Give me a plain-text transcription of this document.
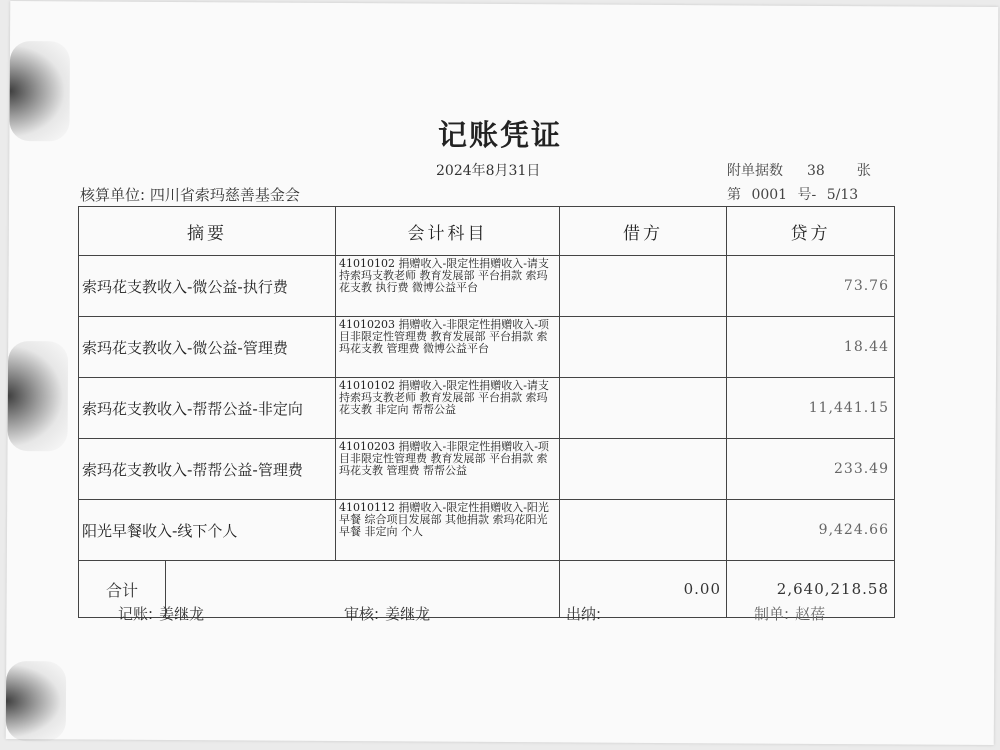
记账凭证
2024年8月31日	附单据数 38 张
核算单位: 四川省索玛慈善基金会	第 0001 号- 5/13
摘要	会计科目	借方	贷方
索玛花支教收入-微公益-执行费	41010102 捐赠收入-限定性捐赠收入-请支持索玛支教老师 教育发展部 平台捐款 索玛花支教 执行费 微博公益平台		73.76
索玛花支教收入-微公益-管理费	41010203 捐赠收入-非限定性捐赠收入-项目非限定性管理费 教育发展部 平台捐款 索玛花支教 管理费 微博公益平台		18.44
索玛花支教收入-帮帮公益-非定向	41010102 捐赠收入-限定性捐赠收入-请支持索玛支教老师 教育发展部 平台捐款 索玛花支教 非定向 帮帮公益		11,441.15
索玛花支教收入-帮帮公益-管理费	41010203 捐赠收入-非限定性捐赠收入-项目非限定性管理费 教育发展部 平台捐款 索玛花支教 管理费 帮帮公益		233.49
阳光早餐收入-线下个人	41010112 捐赠收入-限定性捐赠收入-阳光早餐 综合项目发展部 其他捐款 索玛花阳光早餐 非定向 个人		9,424.66

合计		0.00	2,640,218.58
记账: 姜继龙	审核: 姜继龙	出纳:	制单: 赵蓓
